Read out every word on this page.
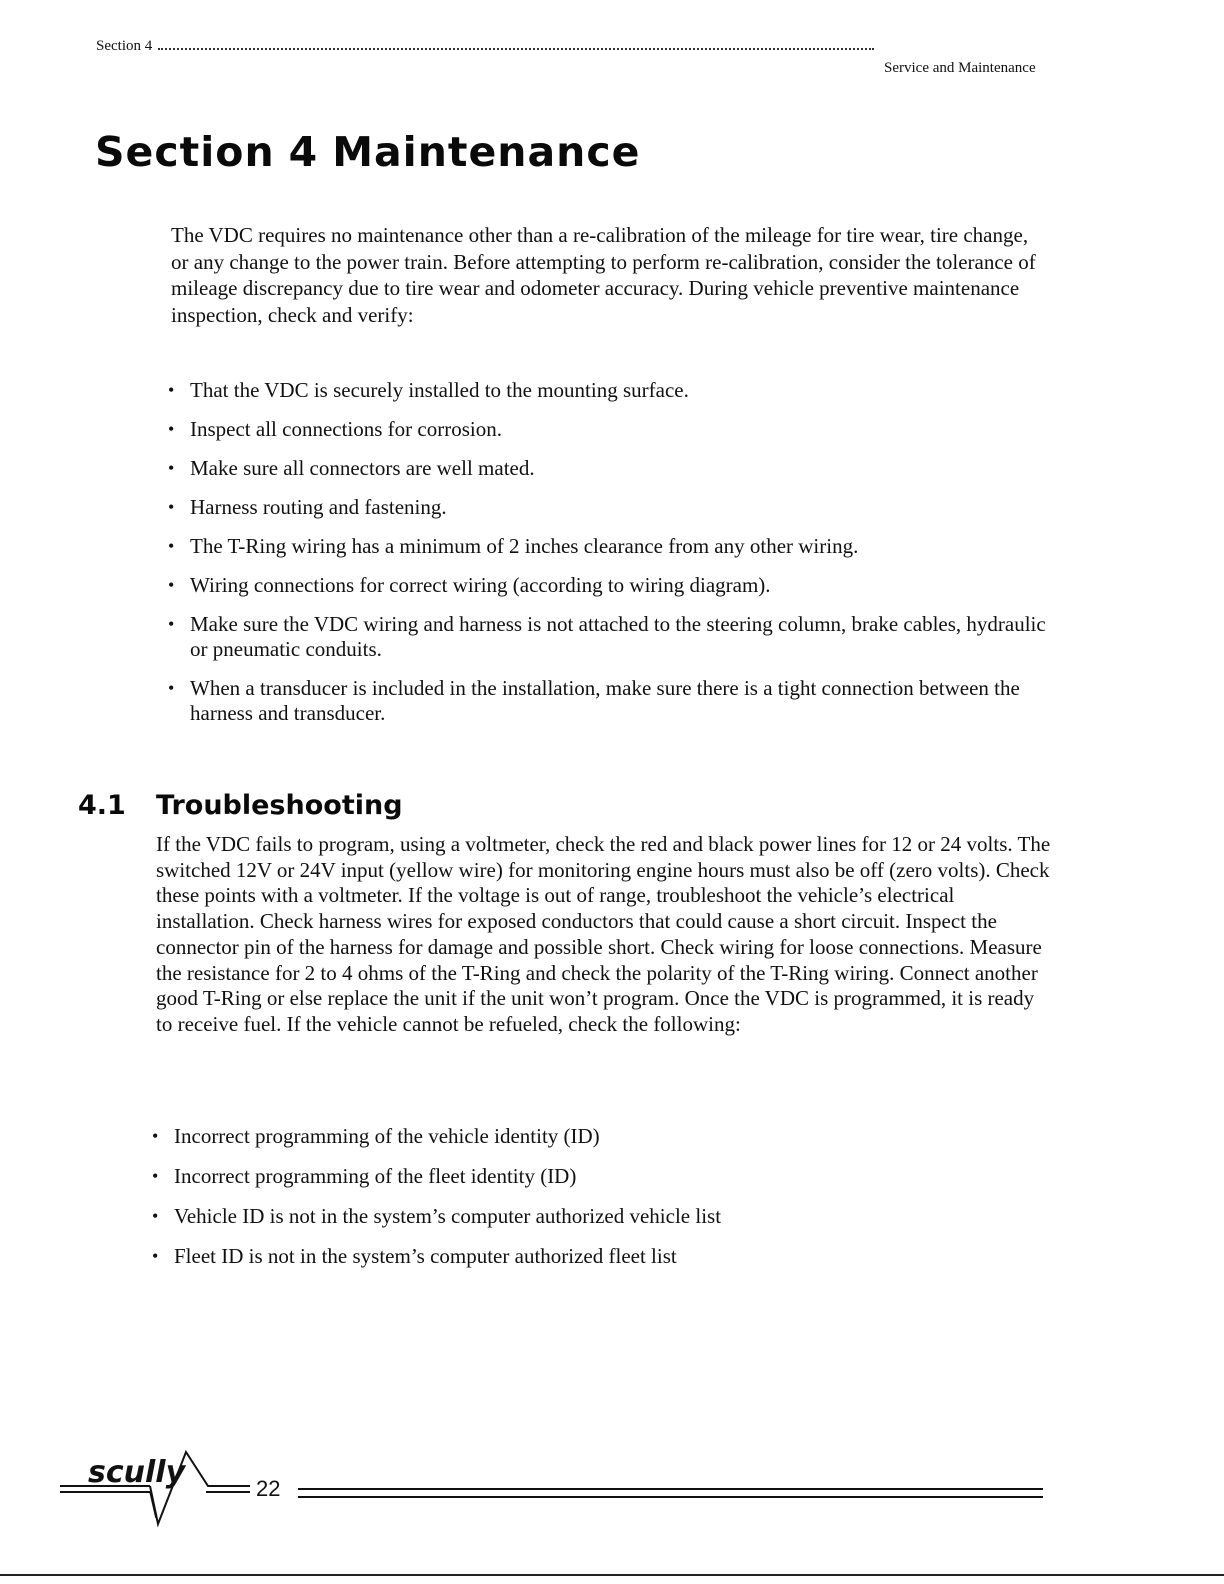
Section 4
Service and Maintenance
Section 4 Maintenance

The VDC requires no maintenance other than a re-calibration of the mileage for tire wear, tire change, or any change to the power train. Before attempting to perform re-calibration, consider the tolerance of mileage discrepancy due to tire wear and odometer accuracy. During vehicle preventive maintenance inspection, check and verify:

• That the VDC is securely installed to the mounting surface.
• Inspect all connections for corrosion.
• Make sure all connectors are well mated.
• Harness routing and fastening.
• The T-Ring wiring has a minimum of 2 inches clearance from any other wiring.
• Wiring connections for correct wiring (according to wiring diagram).
• Make sure the VDC wiring and harness is not attached to the steering column, brake cables, hydraulic or pneumatic conduits.
• When a transducer is included in the installation, make sure there is a tight connection between the harness and transducer.
4.1 Troubleshooting

If the VDC fails to program, using a voltmeter, check the red and black power lines for 12 or 24 volts. The switched 12V or 24V input (yellow wire) for monitoring engine hours must also be off (zero volts). Check these points with a voltmeter. If the voltage is out of range, troubleshoot the vehicle’s electrical installation. Check harness wires for exposed conductors that could cause a short circuit. Inspect the connector pin of the harness for damage and possible short. Check wiring for loose connections. Measure the resistance for 2 to 4 ohms of the T-Ring and check the polarity of the T-Ring wiring. Connect another good T-Ring or else replace the unit if the unit won’t program. Once the VDC is programmed, it is ready to receive fuel. If the vehicle cannot be refueled, check the following:

• Incorrect programming of the vehicle identity (ID)
• Incorrect programming of the fleet identity (ID)
• Vehicle ID is not in the system’s computer authorized vehicle list
• Fleet ID is not in the system’s computer authorized fleet list
scully	22
